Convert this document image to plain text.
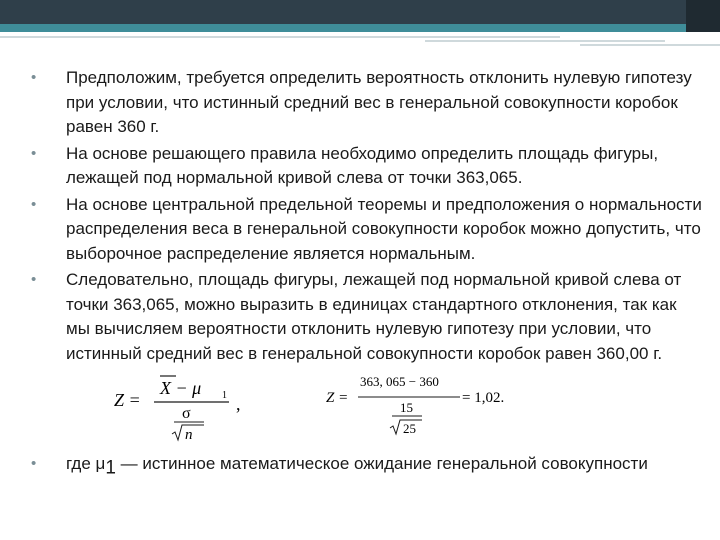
• Предположим, требуется определить вероятность отклонить нулевую гипотезу при условии, что истинный средний вес в генеральной совокупности коробок равен 360 г.
• На основе решающего правила необходимо определить площадь фигуры, лежащей под нормальной кривой слева от точки 363,065.
• На основе центральной предельной теоремы и предположения о нормальности распределения веса в генеральной совокупности коробок можно допустить, что выборочное распределение является нормальным.
• Следовательно, площадь фигуры, лежащей под нормальной кривой слева от точки 363,065, можно выразить в единицах стандартного отклонения, так как мы вычисляем вероятности отклонить нулевую гипотезу при условии, что истинный средний вес в генеральной совокупности коробок равен 360,00 г.
Z =
X − μ 1
σ
n
,	Z =
363, 065 − 360
15
25
= 1,02.
• где $\mu_1$ — истинное математическое ожидание генеральной совокупности
